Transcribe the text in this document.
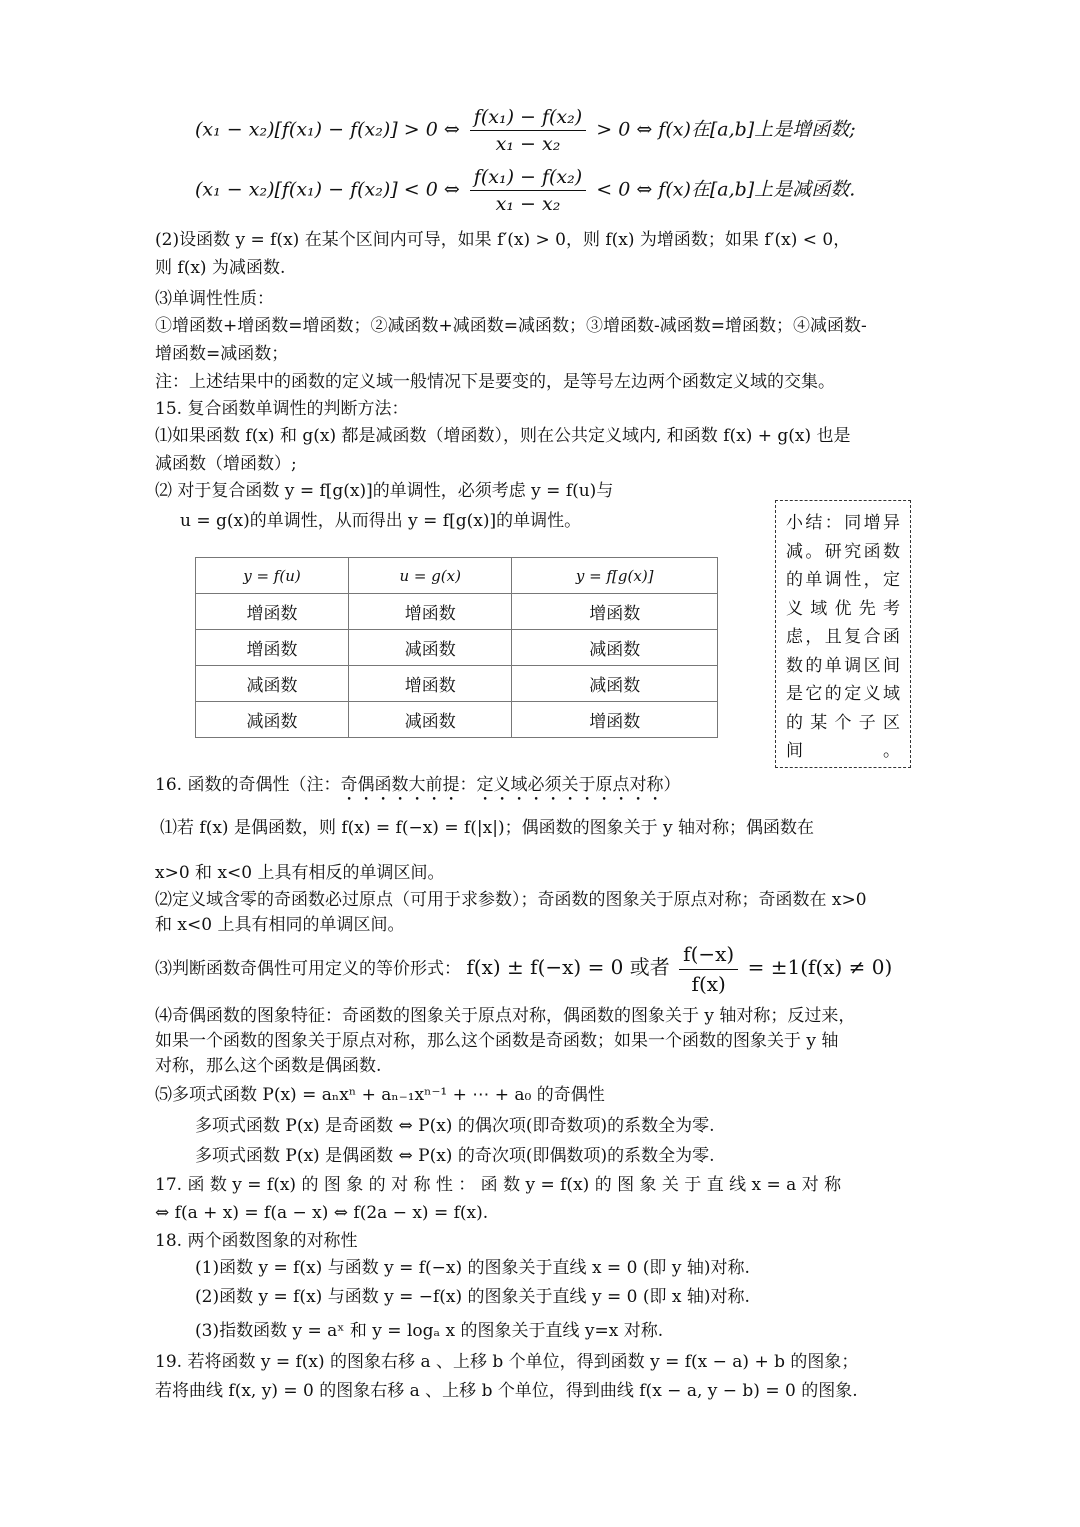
(x₁ − x₂)[f(x₁) − f(x₂)] > 0 ⇔ $\frac{\text{f(x₁) − f(x₂)}}{\text{x₁ − x₂}} > 0$ ⇔ f(x)在[a,b]上是增函数;
(x₁ − x₂)[f(x₁) − f(x₂)] < 0 ⇔ $\frac{\text{f(x₁) − f(x₂)}}{\text{x₁ − x₂}} < 0$ ⇔ f(x)在[a,b]上是减函数.
(2)设函数 y = f(x) 在某个区间内可导，如果 f′(x) > 0，则 f(x) 为增函数；如果 f′(x) < 0，
则 f(x) 为减函数.
⑶单调性性质：
①增函数+增函数=增函数；②减函数+减函数=减函数；③增函数-减函数=增函数；④减函数-
增函数=减函数；
注：上述结果中的函数的定义域一般情况下是要变的，是等号左边两个函数定义域的交集。
15. 复合函数单调性的判断方法：
⑴如果函数 f(x) 和 g(x) 都是减函数（增函数），则在公共定义域内, 和函数 f(x) + g(x) 也是
减函数（增函数）;
⑵ 对于复合函数 y = f[g(x)]的单调性，必须考虑 y = f(u)与
u = g(x)的单调性，从而得出 y = f[g(x)]的单调性。
y = f(u)	u = g(x)	y = f[g(x)]
增函数	增函数	增函数
增函数	减函数	减函数
减函数	增函数	减函数
减函数	减函数	增函数
小结：同增异减。研究函数的单调性，定义域优先考虑，且复合函数的单调区间是它的定义域的某个子区间。
16. 函数的奇偶性（注：奇偶函数大前提：定义域必须关于原点对称）
⑴若 f(x) 是偶函数，则 f(x) = f(−x) = f(|x|)；偶函数的图象关于 y 轴对称；偶函数在
x>0 和 x<0 上具有相反的单调区间。
⑵定义域含零的奇函数必过原点（可用于求参数）；奇函数的图象关于原点对称；奇函数在 x>0
和 x<0 上具有相同的单调区间。
⑶判断函数奇偶性可用定义的等价形式： f(x) ± f(−x) = 0 或者 $\frac{f(-x)}{f(x)} = \pm 1(f(x) \ne 0)$
⑷奇偶函数的图象特征：奇函数的图象关于原点对称，偶函数的图象关于 y 轴对称；反过来，
如果一个函数的图象关于原点对称，那么这个函数是奇函数；如果一个函数的图象关于 y 轴
对称，那么这个函数是偶函数.
⑸多项式函数 P(x) = aₙxⁿ + aₙ₋₁xⁿ⁻¹ + ⋯ + a₀ 的奇偶性
多项式函数 P(x) 是奇函数 ⇔ P(x) 的偶次项(即奇数项)的系数全为零.
多项式函数 P(x) 是偶函数 ⇔ P(x) 的奇次项(即偶数项)的系数全为零.
17. 函 数 y = f(x) 的 图 象 的 对 称 性 ： 函 数 y = f(x) 的 图 象 关 于 直 线 x = a 对 称
⇔ f(a + x) = f(a − x) ⇔ f(2a − x) = f(x).
18. 两个函数图象的对称性
(1)函数 y = f(x) 与函数 y = f(−x) 的图象关于直线 x = 0 (即 y 轴)对称.
(2)函数 y = f(x) 与函数 y = −f(x) 的图象关于直线 y = 0 (即 x 轴)对称.
(3)指数函数 y = aˣ 和 y = logₐ x 的图象关于直线 y=x 对称.
19. 若将函数 y = f(x) 的图象右移 a 、上移 b 个单位，得到函数 y = f(x − a) + b 的图象；
若将曲线 f(x, y) = 0 的图象右移 a 、上移 b 个单位，得到曲线 f(x − a, y − b) = 0 的图象.
